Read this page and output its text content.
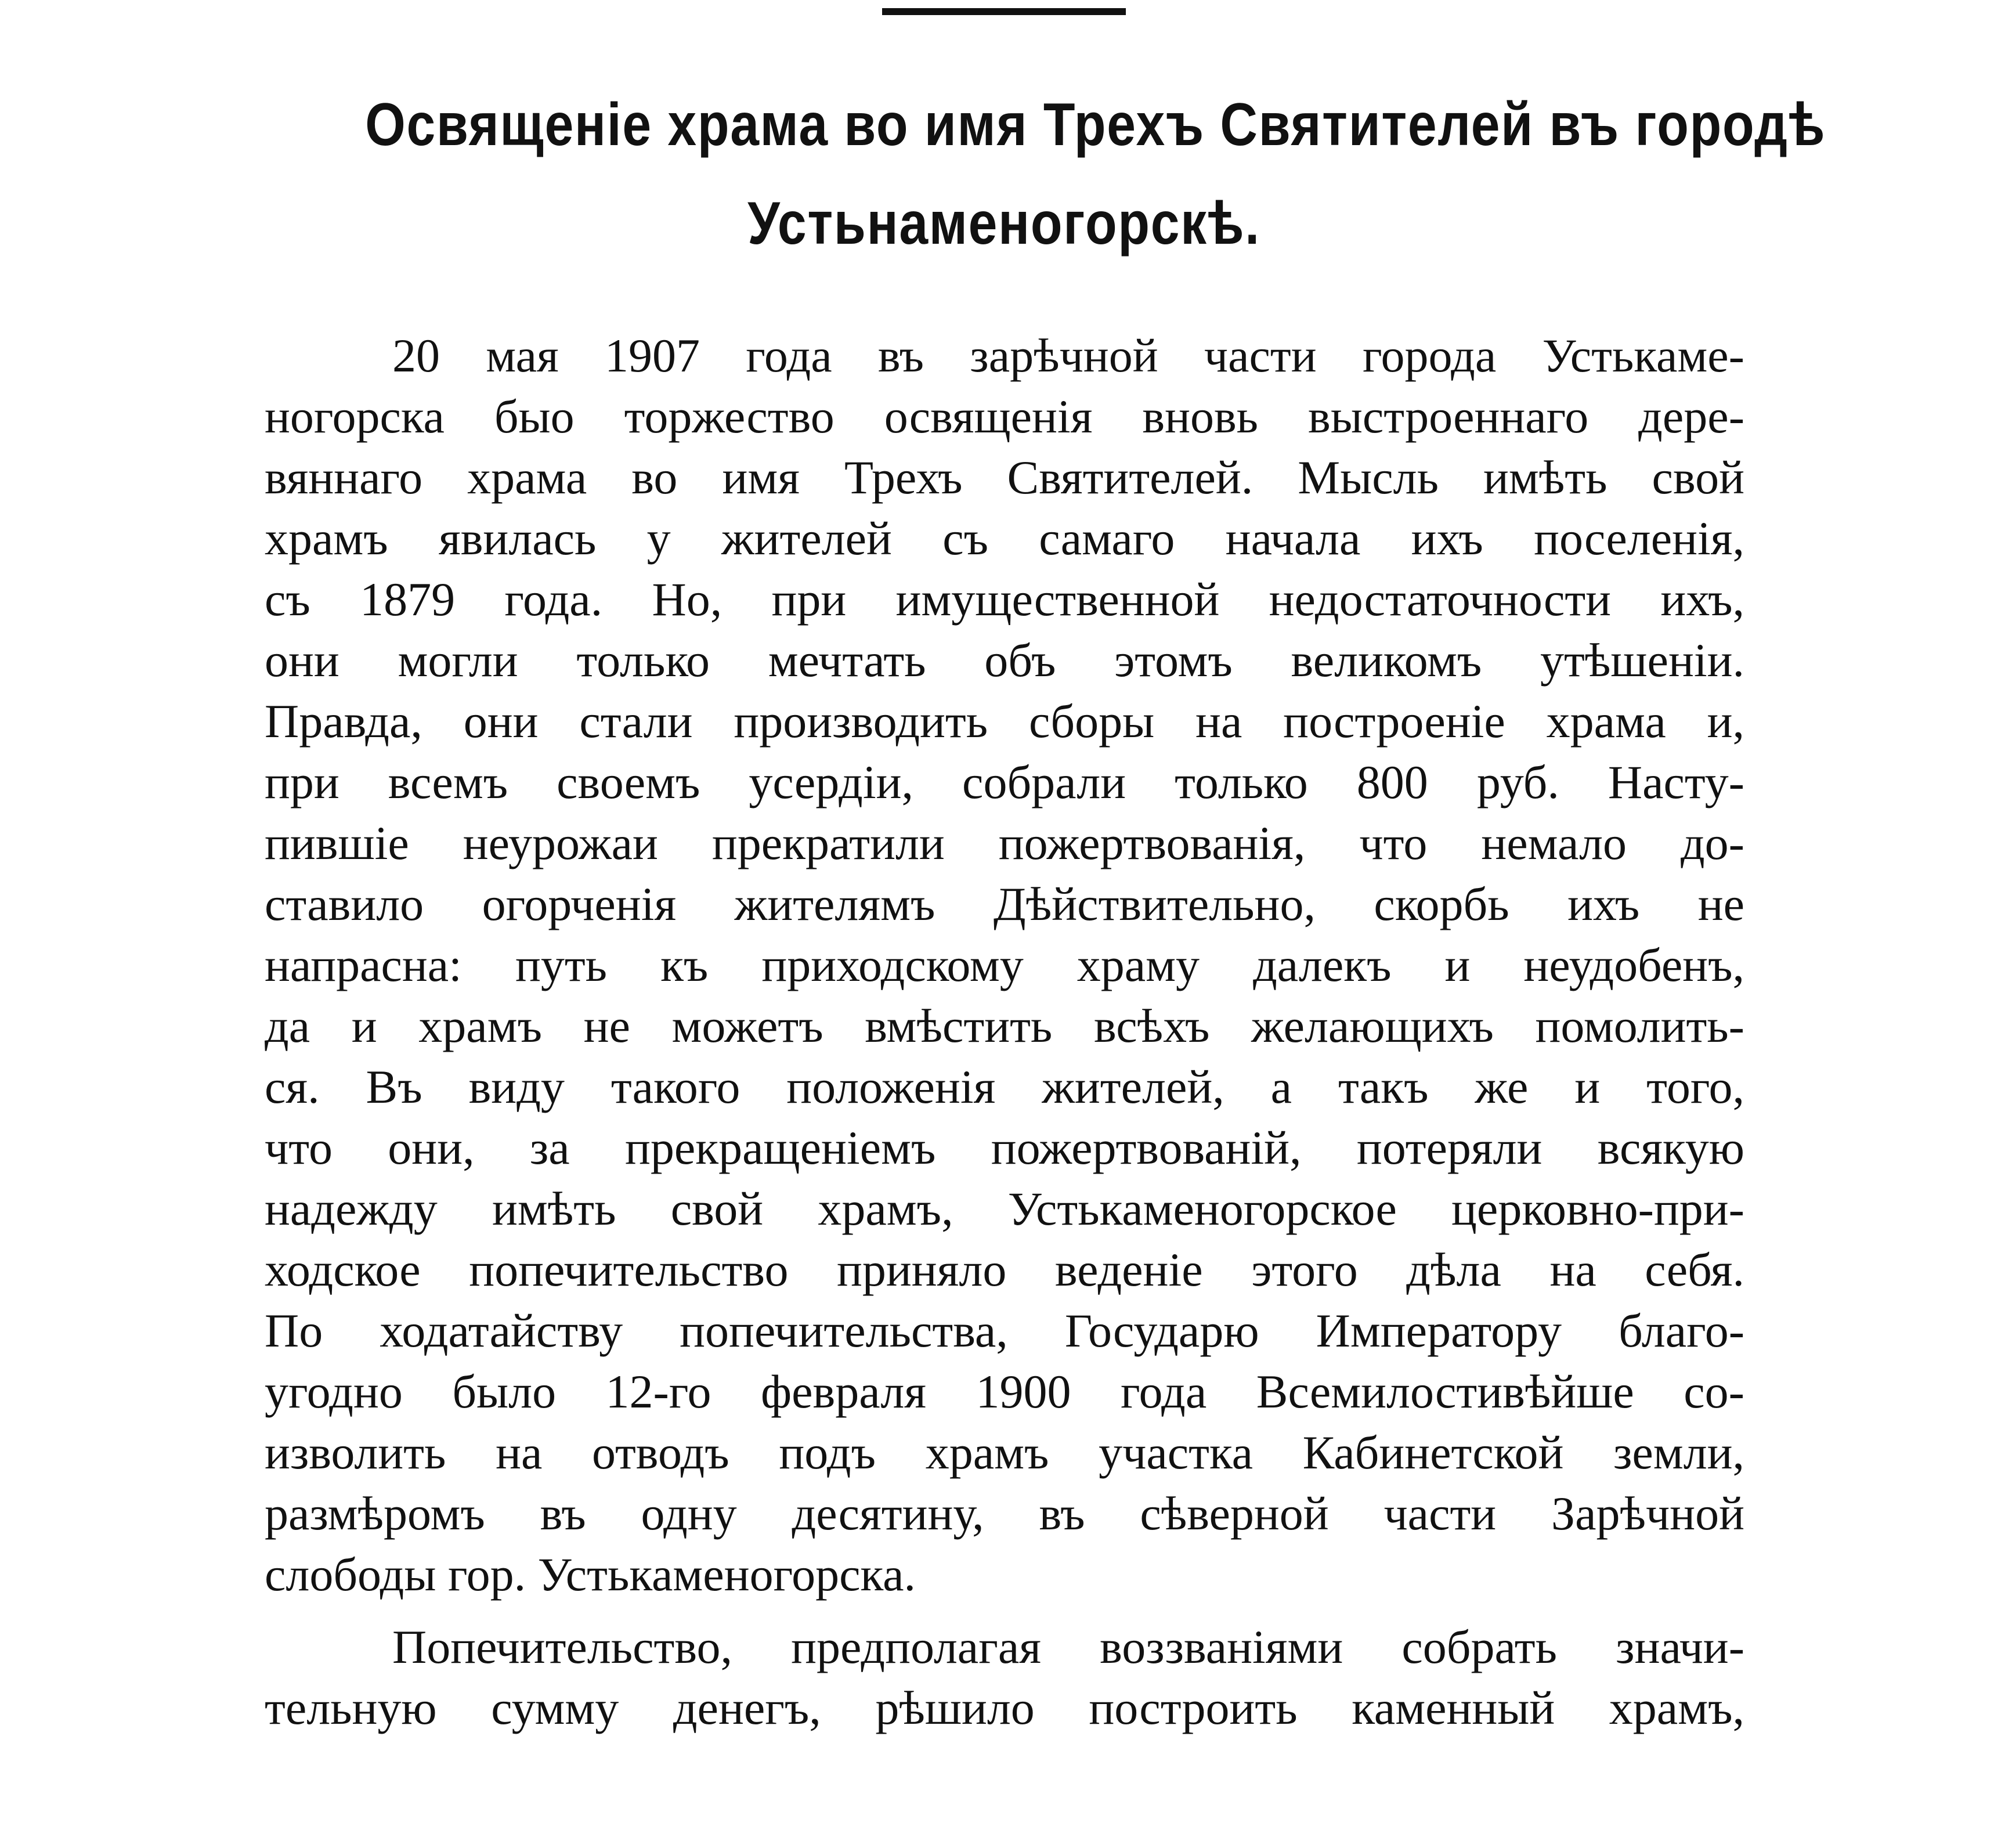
Освященіе храма во имя Трехъ Святителей въ городѣ
Устьнаменогорскѣ.
20 мая 1907 года въ зарѣчной части города Устькаме-
ногорска быо торжество освященія вновь выстроеннаго дере-
вяннаго храма во имя Трехъ Святителей. Мысль имѣть свой
храмъ явилась у жителей съ самаго начала ихъ поселенія,
съ 1879 года. Но, при имущественной недостаточности ихъ,
они могли только мечтать объ этомъ великомъ утѣшеніи.
Правда, они стали производить сборы на построеніе храма и,
при всемъ своемъ усердіи, собрали только 800 руб. Насту-
пившіе неурожаи прекратили пожертвованія, что немало до-
ставило огорченія жителямъ Дѣйствительно, скорбь ихъ не
напрасна: путь къ приходскому храму далекъ и неудобенъ,
да и храмъ не можетъ вмѣстить всѣхъ желающихъ помолить-
ся. Въ виду такого положенія жителей, а такъ же и того,
что они, за прекращеніемъ пожертвованій, потеряли всякую
надежду имѣть свой храмъ, Устькаменогорское церковно-при-
ходское попечительство приняло веденіе этого дѣла на себя.
По ходатайству попечительства, Государю Императору благо-
угодно было 12-го февраля 1900 года Всемилостивѣйше со-
изволить на отводъ подъ храмъ участка Кабинетской земли,
размѣромъ въ одну десятину, въ сѣверной части Зарѣчной
слободы гор. Устькаменогорска.
Попечительство, предполагая воззваніями собрать значи-
тельную сумму денегъ, рѣшило построить каменный храмъ,
